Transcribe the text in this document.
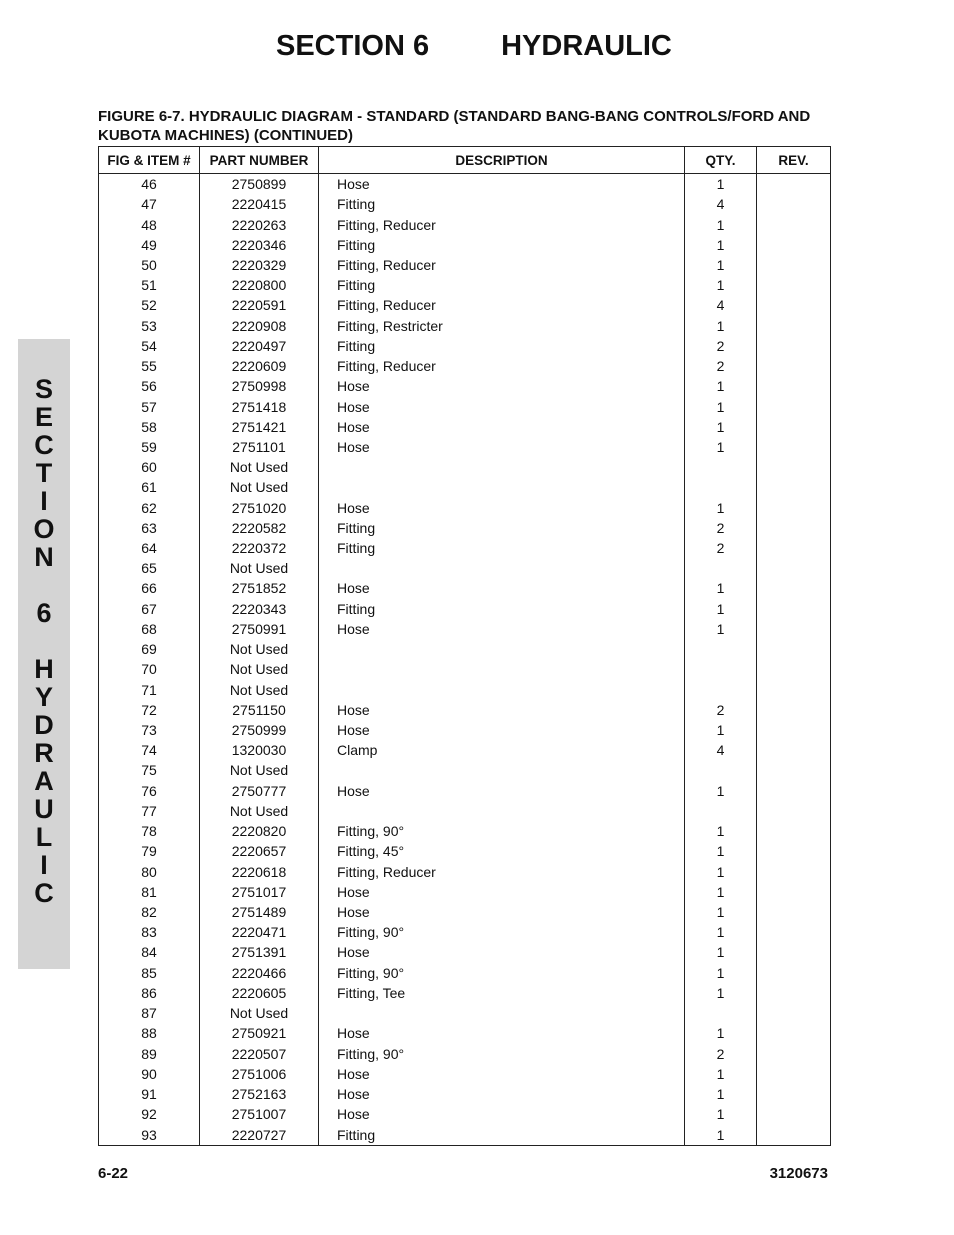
SECTION 6 HYDRAULIC
FIGURE 6-7. HYDRAULIC DIAGRAM - STANDARD (STANDARD BANG-BANG CONTROLS/FORD AND KUBOTA MACHINES) (CONTINUED)
S
E
C
T
I
O
N
6
H
Y
D
R
A
U
L
I
C
FIG & ITEM #	PART NUMBER	DESCRIPTION	QTY.	REV.
46	2750899	Hose	1	
47	2220415	Fitting	4	
48	2220263	Fitting, Reducer	1	
49	2220346	Fitting	1	
50	2220329	Fitting, Reducer	1	
51	2220800	Fitting	1	
52	2220591	Fitting, Reducer	4	
53	2220908	Fitting, Restricter	1	
54	2220497	Fitting	2	
55	2220609	Fitting, Reducer	2	
56	2750998	Hose	1	
57	2751418	Hose	1	
58	2751421	Hose	1	
59	2751101	Hose	1	
60	Not Used			
61	Not Used			
62	2751020	Hose	1	
63	2220582	Fitting	2	
64	2220372	Fitting	2	
65	Not Used			
66	2751852	Hose	1	
67	2220343	Fitting	1	
68	2750991	Hose	1	
69	Not Used			
70	Not Used			
71	Not Used			
72	2751150	Hose	2	
73	2750999	Hose	1	
74	1320030	Clamp	4	
75	Not Used			
76	2750777	Hose	1	
77	Not Used			
78	2220820	Fitting, 90°	1	
79	2220657	Fitting, 45°	1	
80	2220618	Fitting, Reducer	1	
81	2751017	Hose	1	
82	2751489	Hose	1	
83	2220471	Fitting, 90°	1	
84	2751391	Hose	1	
85	2220466	Fitting, 90°	1	
86	2220605	Fitting, Tee	1	
87	Not Used			
88	2750921	Hose	1	
89	2220507	Fitting, 90°	2	
90	2751006	Hose	1	
91	2752163	Hose	1	
92	2751007	Hose	1	
93	2220727	Fitting	1	
6-22	3120673
